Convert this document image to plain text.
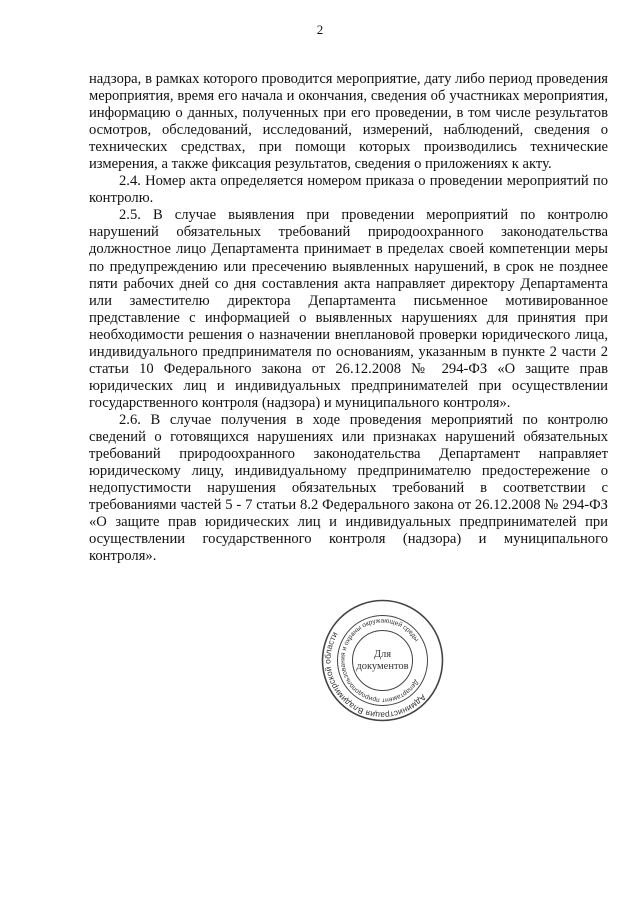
2

надзора, в рамках которого проводится мероприятие, дату либо период проведения мероприятия, время его начала и окончания, сведения об участниках мероприятия, информацию о данных, полученных при его проведении, в том числе результатов осмотров, обследований, исследований, измерений, наблюдений, сведения о технических средствах, при помощи которых производились технические измерения, а также фиксация результатов, сведения о приложениях к акту.

2.4. Номер акта определяется номером приказа о проведении мероприятий по контролю.

2.5. В случае выявления при проведении мероприятий по контролю нарушений обязательных требований природоохранного законодательства должностное лицо Департамента принимает в пределах своей компетенции меры по предупреждению или пресечению выявленных нарушений, в срок не позднее пяти рабочих дней со дня составления акта направляет директору Департамента или заместителю директора Департамента письменное мотивированное представление с информацией о выявленных нарушениях для принятия при необходимости решения о назначении внеплановой проверки юридического лица, индивидуального предпринимателя по основаниям, указанным в пункте 2 части 2 статьи 10 Федерального закона от 26.12.2008 № 294-ФЗ «О защите прав юридических лиц и индивидуальных предпринимателей при осуществлении государственного контроля (надзора) и муниципального контроля».

2.6. В случае получения в ходе проведения мероприятий по контролю сведений о готовящихся нарушениях или признаках нарушений обязательных требований природоохранного законодательства Департамент направляет юридическому лицу, индивидуальному предпринимателю предостережение о недопустимости нарушения обязательных требований в соответствии с требованиями частей 5 - 7 статьи 8.2 Федерального закона от 26.12.2008 № 294-ФЗ «О защите прав юридических лиц и индивидуальных предпринимателей при осуществлении государственного контроля (надзора) и муниципального контроля».

Администрация Владимирской области
Департамент природопользования и охраны окружающей среды
Для
документов
